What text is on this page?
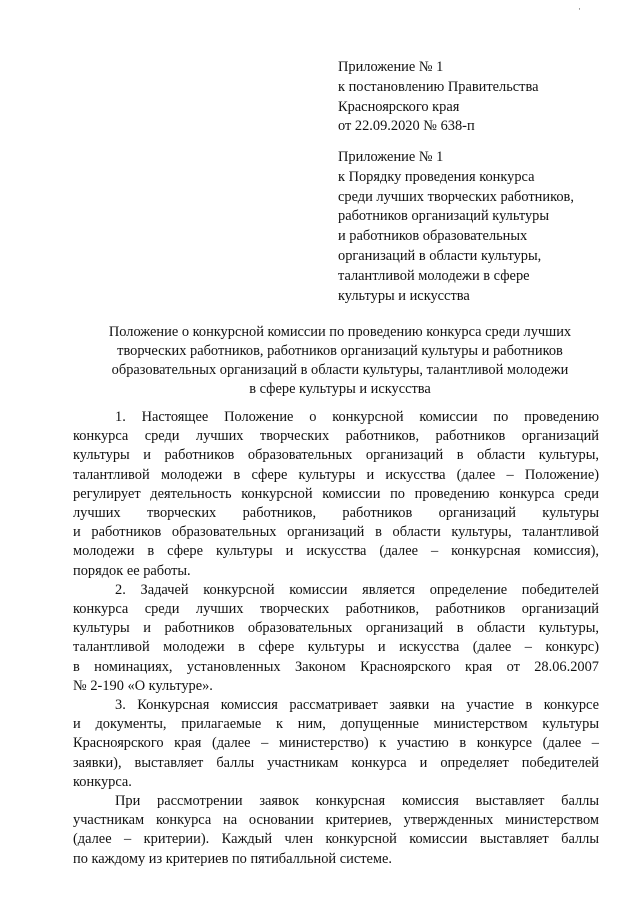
·
Приложение № 1
к постановлению Правительства
Красноярского края
от 22.09.2020 № 638-п
Приложение № 1
к Порядку проведения конкурса
среди лучших творческих работников,
работников организаций культуры
и работников образовательных
организаций в области культуры,
талантливой молодежи в сфере
культуры и искусства
Положение о конкурсной комиссии по проведению конкурса среди лучших
творческих работников, работников организаций культуры и работников
образовательных организаций в области культуры, талантливой молодежи
в сфере культуры и искусства
1. Настоящее Положение о конкурсной комиссии по проведению
конкурса среди лучших творческих работников, работников организаций
культуры и работников образовательных организаций в области культуры,
талантливой молодежи в сфере культуры и искусства (далее – Положение)
регулирует деятельность конкурсной комиссии по проведению конкурса среди
лучших творческих работников, работников организаций культуры
и работников образовательных организаций в области культуры, талантливой
молодежи в сфере культуры и искусства (далее – конкурсная комиссия),
порядок ее работы.
2. Задачей конкурсной комиссии является определение победителей
конкурса среди лучших творческих работников, работников организаций
культуры и работников образовательных организаций в области культуры,
талантливой молодежи в сфере культуры и искусства (далее – конкурс)
в номинациях, установленных Законом Красноярского края от 28.06.2007
№ 2-190 «О культуре».
3. Конкурсная комиссия рассматривает заявки на участие в конкурсе
и документы, прилагаемые к ним, допущенные министерством культуры
Красноярского края (далее – министерство) к участию в конкурсе (далее –
заявки), выставляет баллы участникам конкурса и определяет победителей
конкурса.
При рассмотрении заявок конкурсная комиссия выставляет баллы
участникам конкурса на основании критериев, утвержденных министерством
(далее – критерии). Каждый член конкурсной комиссии выставляет баллы
по каждому из критериев по пятибалльной системе.
